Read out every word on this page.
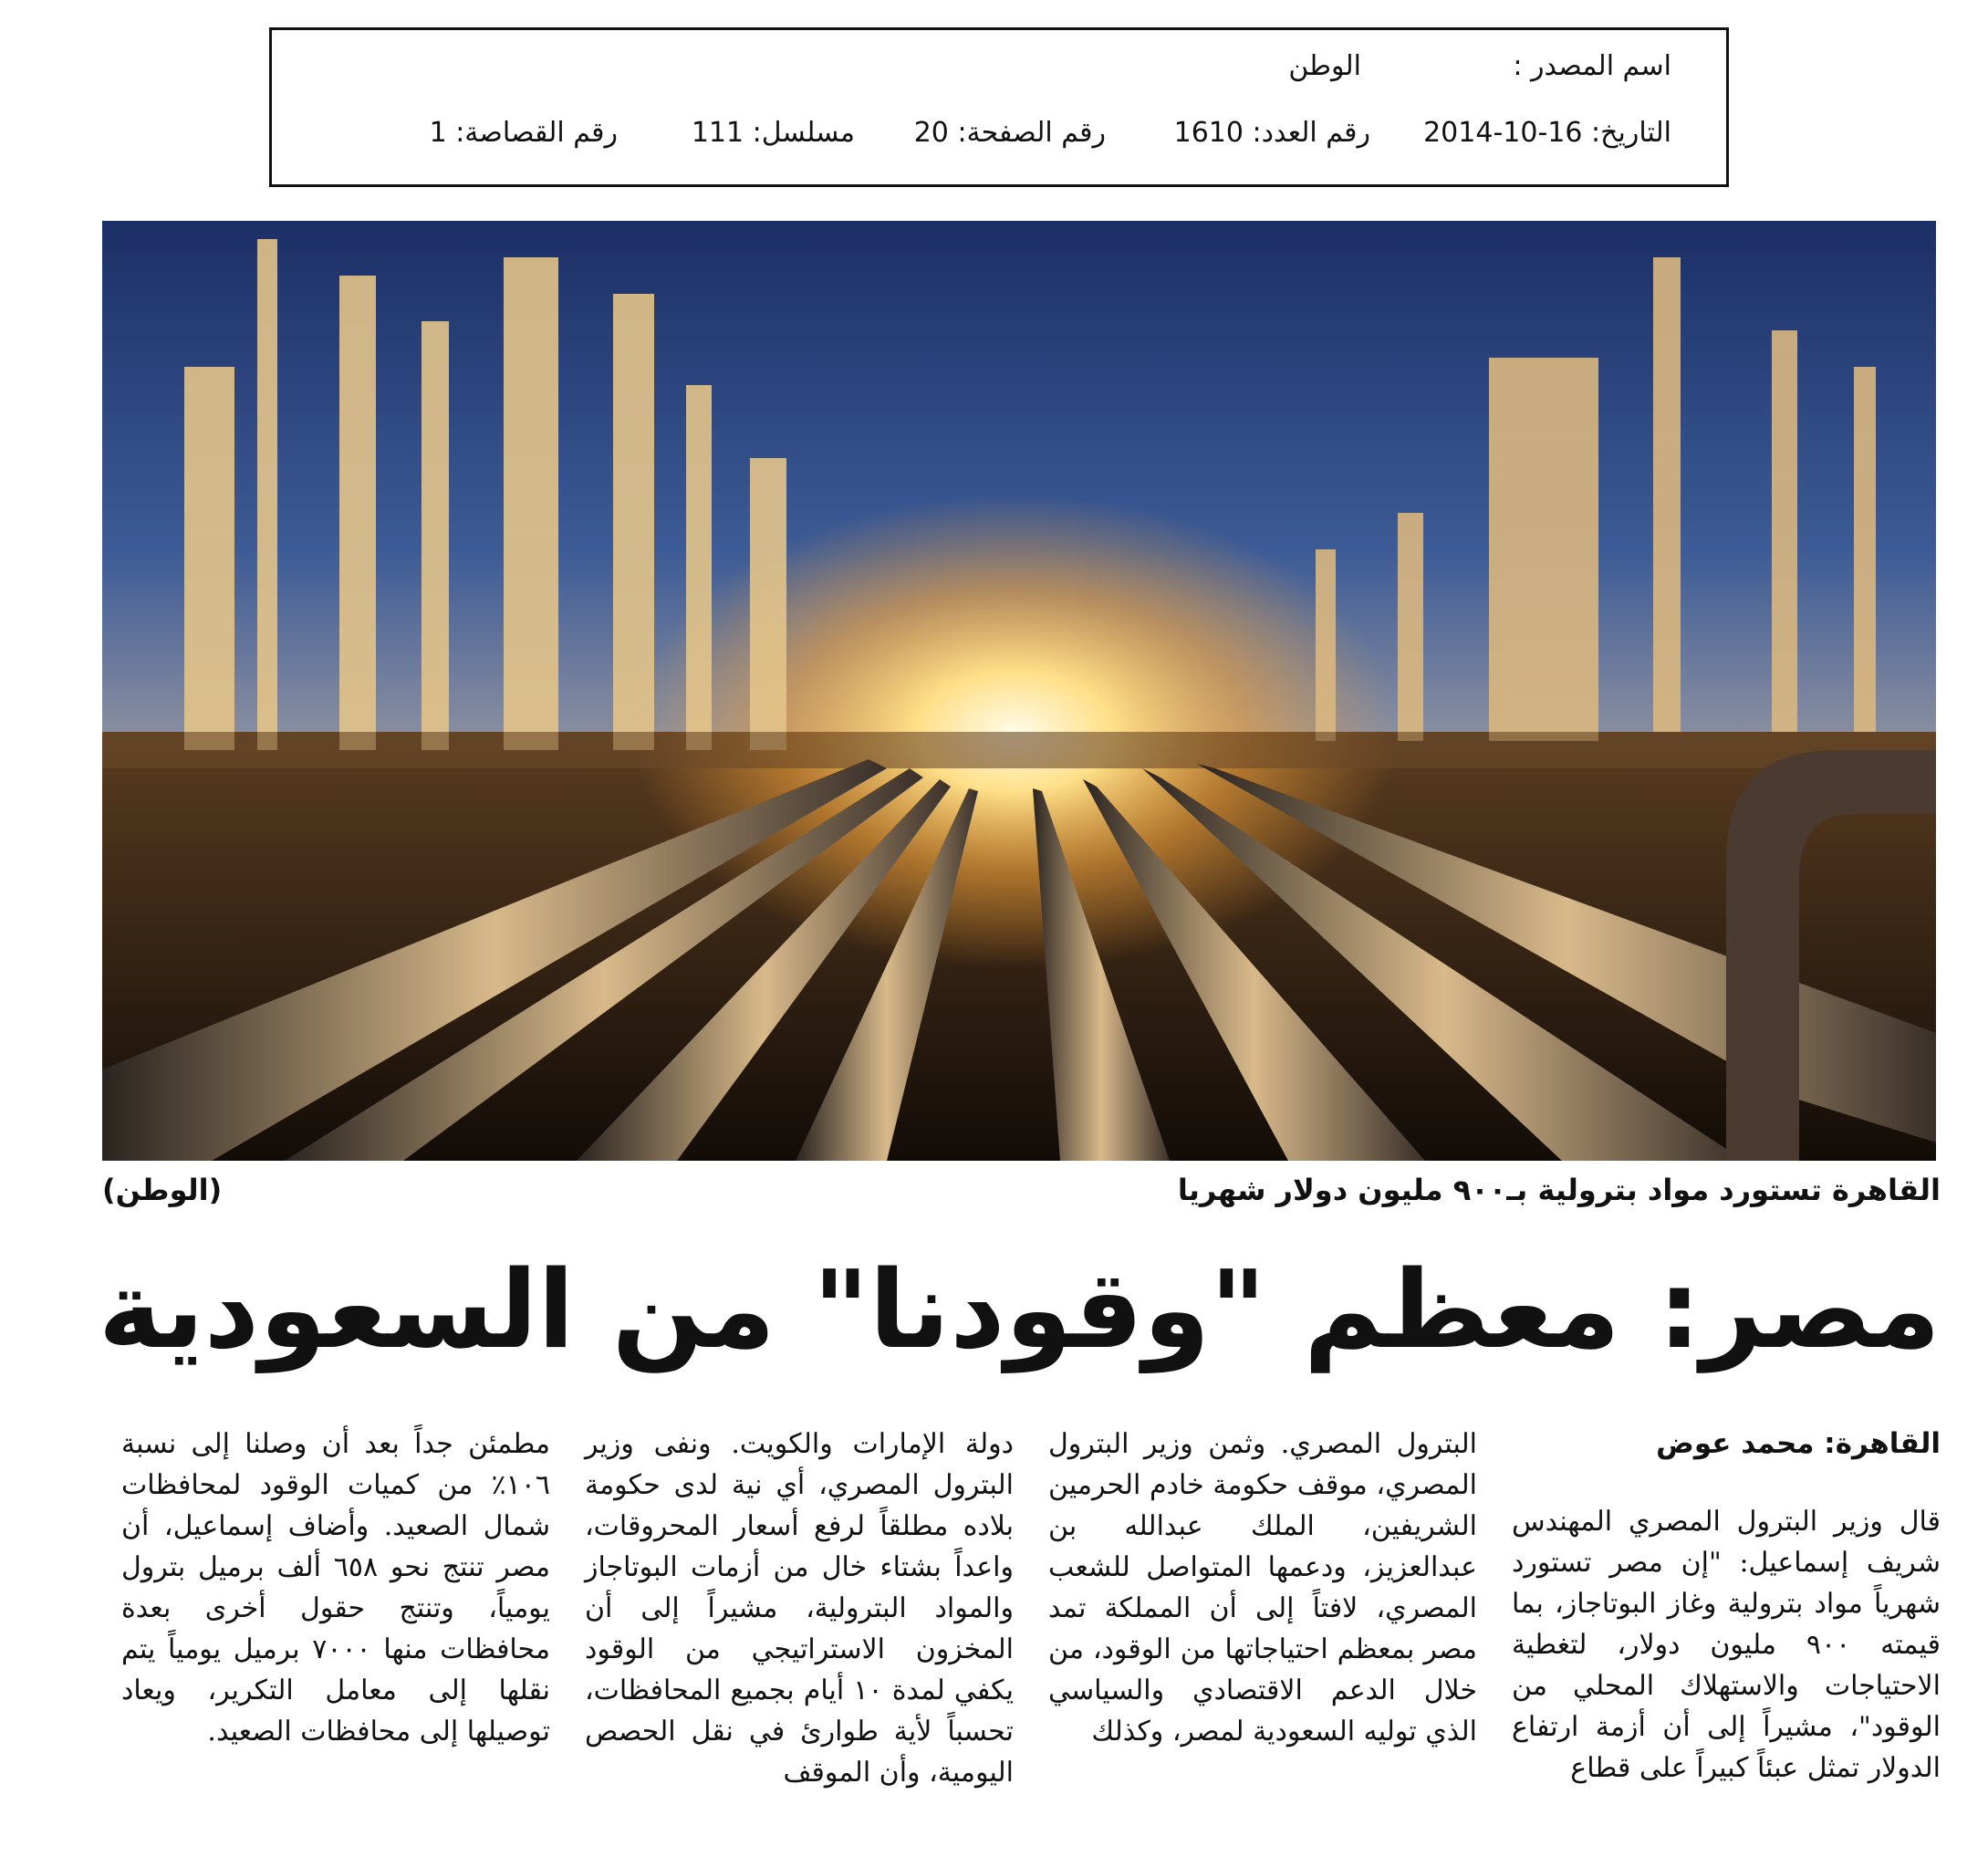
اسم المصدر :
الوطن
التاريخ: 16-10-2014
رقم العدد: 1610
رقم الصفحة: 20
مسلسل: 111
رقم القصاصة: 1
القاهرة تستورد مواد بترولية بـ٩٠٠ مليون دولار شهريا
(الوطن)
مصر: معظم "وقودنا" من السعودية

القاهرة: محمد عوض

قال وزير البترول المصري المهندس شريف إسماعيل: "إن مصر تستورد شهرياً مواد بترولية وغاز البوتاجاز، بما قيمته ٩٠٠ مليون دولار، لتغطية الاحتياجات والاستهلاك المحلي من الوقود"، مشيراً إلى أن أزمة ارتفاع الدولار تمثل عبئاً كبيراً على قطاع

البترول المصري. وثمن وزير البترول المصري، موقف حكومة خادم الحرمين الشريفين، الملك عبدالله بن عبدالعزيز، ودعمها المتواصل للشعب المصري، لافتاً إلى أن المملكة تمد مصر بمعظم احتياجاتها من الوقود، من خلال الدعم الاقتصادي والسياسي الذي توليه السعودية لمصر، وكذلك

دولة الإمارات والكويت. ونفى وزير البترول المصري، أي نية لدى حكومة بلاده مطلقاً لرفع أسعار المحروقات، واعداً بشتاء خال من أزمات البوتاجاز والمواد البترولية، مشيراً إلى أن المخزون الاستراتيجي من الوقود يكفي لمدة ١٠ أيام بجميع المحافظات، تحسباً لأية طوارئ في نقل الحصص اليومية، وأن الموقف

مطمئن جداً بعد أن وصلنا إلى نسبة ١٠٦٪ من كميات الوقود لمحافظات شمال الصعيد. وأضاف إسماعيل، أن مصر تنتج نحو ٦٥٨ ألف برميل بترول يومياً، وتنتج حقول أخرى بعدة محافظات منها ٧٠٠٠ برميل يومياً يتم نقلها إلى معامل التكرير، ويعاد توصيلها إلى محافظات الصعيد.
